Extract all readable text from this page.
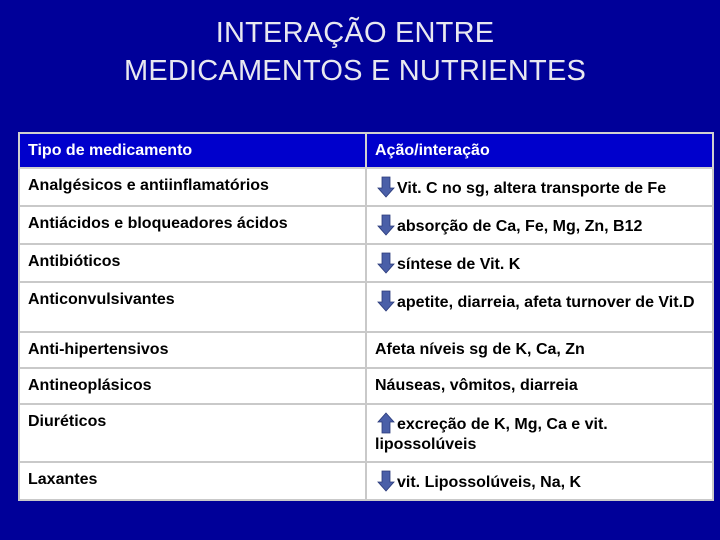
INTERAÇÃO ENTRE
MEDICAMENTOS E NUTRIENTES
Tipo de medicamento	Ação/interação
Analgésicos e antiinflamatórios	Vit. C no sg, altera transporte de Fe
Antiácidos e bloqueadores ácidos	absorção de Ca, Fe, Mg, Zn, B12
Antibióticos	síntese de Vit. K
Anticonvulsivantes	apetite, diarreia, afeta turnover de Vit.D
Anti-hipertensivos	Afeta níveis sg de K, Ca, Zn
Antineoplásicos	Náuseas, vômitos, diarreia
Diuréticos	excreção de K, Mg, Ca e vit. lipossolúveis
Laxantes	vit. Lipossolúveis, Na, K
